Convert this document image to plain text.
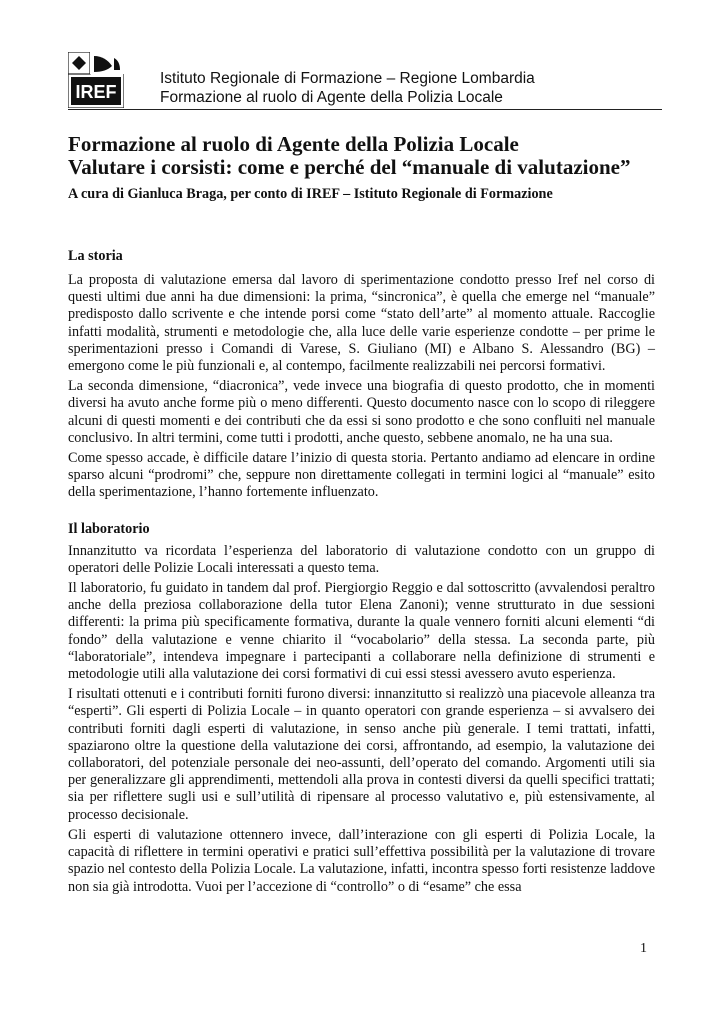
IREF
Istituto Regionale di Formazione – Regione Lombardia
Formazione al ruolo di Agente della Polizia Locale
Formazione al ruolo di Agente della Polizia Locale
Valutare i corsisti: come e perché del “manuale di valutazione”

A cura di Gianluca Braga, per conto di IREF – Istituto Regionale di Formazione

La storia

La proposta di valutazione emersa dal lavoro di sperimentazione condotto presso Iref nel corso di questi ultimi due anni ha due dimensioni: la prima, “sincronica”, è quella che emerge nel “manuale” predisposto dallo scrivente e che intende porsi come “stato dell’arte” al momento attuale. Raccoglie infatti modalità, strumenti e metodologie che, alla luce delle varie esperienze condotte – per prime le sperimentazioni presso i Comandi di Varese, S. Giuliano (MI) e Albano S. Alessandro (BG) – emergono come le più funzionali e, al contempo, facilmente realizzabili nei percorsi formativi.

La seconda dimensione, “diacronica”, vede invece una biografia di questo prodotto, che in momenti diversi ha avuto anche forme più o meno differenti. Questo documento nasce con lo scopo di rileggere alcuni di questi momenti e dei contributi che da essi si sono prodotto e che sono confluiti nel manuale conclusivo. In altri termini, come tutti i prodotti, anche questo, sebbene anomalo, ne ha una sua.

Come spesso accade, è difficile datare l’inizio di questa storia. Pertanto andiamo ad elencare in ordine sparso alcuni “prodromi” che, seppure non direttamente collegati in termini logici al “manuale” esito della sperimentazione, l’hanno fortemente influenzato.

Il laboratorio

Innanzitutto va ricordata l’esperienza del laboratorio di valutazione condotto con un gruppo di operatori delle Polizie Locali interessati a questo tema.

Il laboratorio, fu guidato in tandem dal prof. Piergiorgio Reggio e dal sottoscritto (avvalendosi peraltro anche della preziosa collaborazione della tutor Elena Zanoni); venne strutturato in due sessioni differenti: la prima più specificamente formativa, durante la quale vennero forniti alcuni elementi “di fondo” della valutazione e venne chiarito il “vocabolario” della stessa. La seconda parte, più “laboratoriale”, intendeva impegnare i partecipanti a collaborare nella definizione di strumenti e metodologie utili alla valutazione dei corsi formativi di cui essi stessi avessero avuto esperienza.

I risultati ottenuti e i contributi forniti furono diversi: innanzitutto si realizzò una piacevole alleanza tra “esperti”. Gli esperti di Polizia Locale – in quanto operatori con grande esperienza – si avvalsero dei contributi forniti dagli esperti di valutazione, in senso anche più generale. I temi trattati, infatti, spaziarono oltre la questione della valutazione dei corsi, affrontando, ad esempio, la valutazione dei collaboratori, del potenziale personale dei neo-assunti, dell’operato del comando. Argomenti utili sia per generalizzare gli apprendimenti, mettendoli alla prova in contesti diversi da quelli specifici trattati; sia per riflettere sugli usi e sull’utilità di ripensare al processo valutativo e, più estensivamente, al processo decisionale.

Gli esperti di valutazione ottennero invece, dall’interazione con gli esperti di Polizia Locale, la capacità di riflettere in termini operativi e pratici sull’effettiva possibilità per la valutazione di trovare spazio nel contesto della Polizia Locale. La valutazione, infatti, incontra spesso forti resistenze laddove non sia già introdotta. Vuoi per l’accezione di “controllo” o di “esame” che essa

1
